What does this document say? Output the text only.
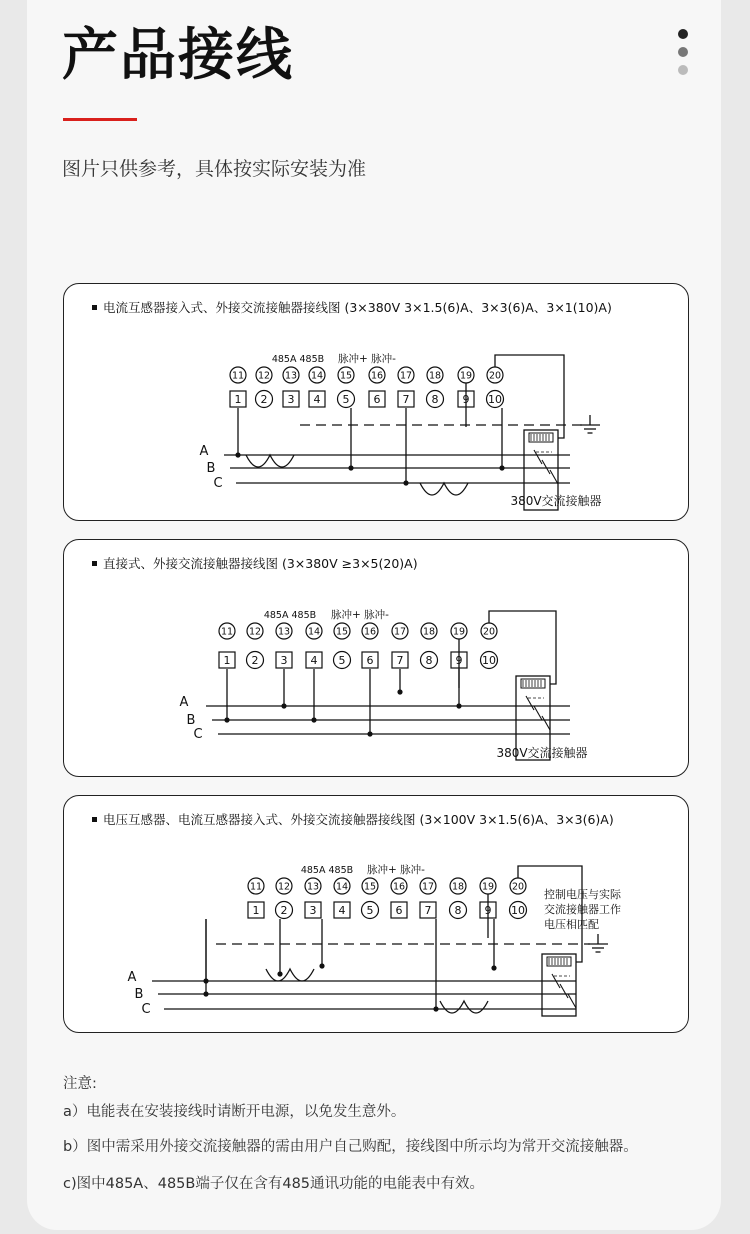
产品接线
图片只供参考，具体按实际安装为准
电流互感器接入式、外接交流接触器接线图 (3×380V 3×1.5(6)A、3×3(6)A、3×1(10)A)
485A 485B 脉冲+ 脉冲-
11 12 13 14 15 16 17 18 19 20
1 2 3 4 5 6 7 8 9 10
A
B
C
380V交流接触器
直接式、外接交流接触器接线图 (3×380V ≥3×5(20)A)
485A 485B 脉冲+ 脉冲-
11 12 13 14 15 16 17 18 19 20
1 2 3 4 5 6 7 8 9 10
A
B
C
380V交流接触器
电压互感器、电流互感器接入式、外接交流接触器接线图 (3×100V 3×1.5(6)A、3×3(6)A)
485A 485B 脉冲+ 脉冲-
11 12 13 14 15 16 17 18 19 20
1 2 3 4 5 6 7 8 9 10
A
B
C
控制电压与实际
交流接触器工作
电压相匹配
注意:
a）电能表在安装接线时请断开电源，以免发生意外。
b）图中需采用外接交流接触器的需由用户自己购配，接线图中所示均为常开交流接触器。
c)图中485A、485B端子仅在含有485通讯功能的电能表中有效。
